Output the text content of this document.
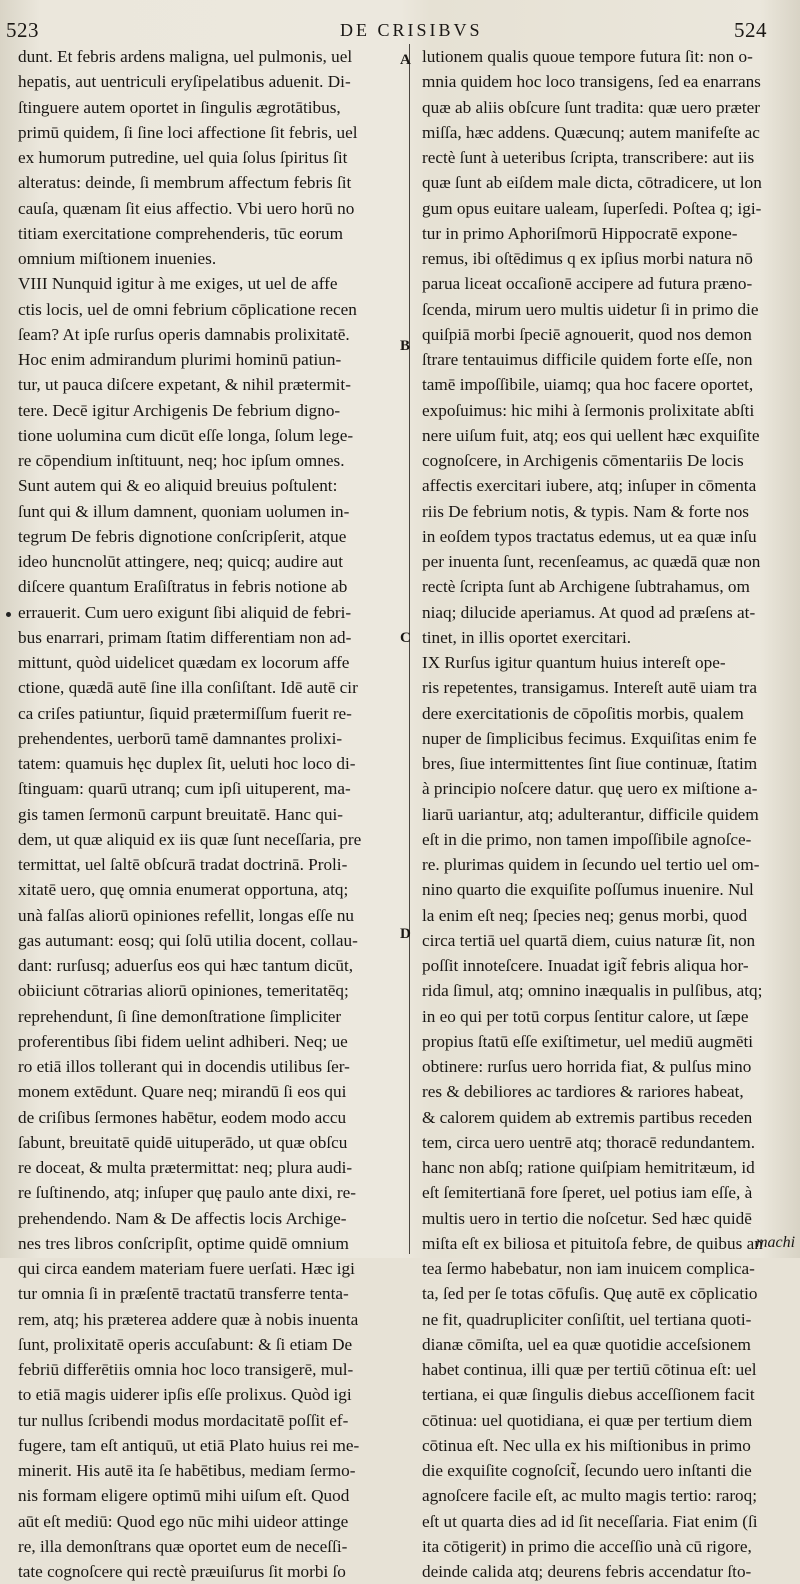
523	DE CRISIBVS	524
dunt. Et febris ardens maligna, uel pulmonis, uel
hepatis, aut uentriculi eryſipelatibus aduenit. Di-
ſtinguere autem oportet in ſingulis ægrotātibus,
primū quidem, ſi ſine loci affectione ſit febris, uel
ex humorum putredine, uel quia ſolus ſpiritus ſit
alteratus: deinde, ſi membrum affectum febris ſit
cauſa, quænam ſit eius affectio. Vbi uero horū no
titiam exercitatione comprehenderis, tūc eorum
omnium miſtionem inuenies.
VIII Nunquid igitur à me exiges, ut uel de affe
ctis locis, uel de omni febrium cōplicatione recen
ſeam? At ipſe rurſus operis damnabis prolixitatē.
Hoc enim admirandum plurimi hominū patiun-
tur, ut pauca diſcere expetant, & nihil prætermit-
tere. Decē igitur Archigenis De febrium digno-
tione uolumina cum dicūt eſſe longa, ſolum lege-
re cōpendium inſtituunt, neq; hoc ipſum omnes.
Sunt autem qui & eo aliquid breuius poſtulent:
ſunt qui & illum damnent, quoniam uolumen in-
tegrum De febris dignotione conſcripſerit, atque
ideo huncnolūt attingere, neq; quicq; audire aut
diſcere quantum Eraſiſtratus in febris notione ab
errauerit. Cum uero exigunt ſibi aliquid de febri-
bus enarrari, primam ſtatim differentiam non ad-
mittunt, quòd uidelicet quædam ex locorum affe
ctione, quædā autē ſine illa conſiſtant. Idē autē cir
ca criſes patiuntur, ſiquid prætermiſſum fuerit re-
prehendentes, uerborū tamē damnantes prolixi-
tatem: quamuis hęc duplex ſit, ueluti hoc loco di-
ſtinguam: quarū utranq; cum ipſi uituperent, ma-
gis tamen ſermonū carpunt breuitatē. Hanc qui-
dem, ut quæ aliquid ex iis quæ ſunt neceſſaria, pre
termittat, uel ſaltē obſcurā tradat doctrinā. Proli-
xitatē uero, quę omnia enumerat opportuna, atq;
unà falſas aliorū opiniones refellit, longas eſſe nu
gas autumant: eosq; qui ſolū utilia docent, collau-
dant: rurſusq; aduerſus eos qui hæc tantum dicūt,
obiiciunt cōtrarias aliorū opiniones, temeritatēq;
reprehendunt, ſi ſine demonſtratione ſimpliciter
proferentibus ſibi fidem uelint adhiberi. Neq; ue
ro etiā illos tollerant qui in docendis utilibus ſer-
monem extēdunt. Quare neq; mirandū ſi eos qui
de criſibus ſermones habētur, eodem modo accu
ſabunt, breuitatē quidē uituperādo, ut quæ obſcu
re doceat, & multa prætermittat: neq; plura audi-
re ſuſtinendo, atq; inſuper quę paulo ante dixi, re-
prehendendo. Nam & De affectis locis Archige-
nes tres libros conſcripſit, optime quidē omnium
qui circa eandem materiam fuere uerſati. Hæc igi
tur omnia ſi in præſentē tractatū transferre tenta-
rem, atq; his præterea addere quæ à nobis inuenta
ſunt, prolixitatē operis accuſabunt: & ſi etiam De
febriū differētiis omnia hoc loco transigerē, mul-
to etiā magis uiderer ipſis eſſe prolixus. Quòd igi
tur nullus ſcribendi modus mordacitatē poſſit ef-
fugere, tam eſt antiquū, ut etiā Plato huius rei me-
minerit. His autē ita ſe habētibus, mediam ſermo-
nis formam eligere optimū mihi uiſum eſt. Quod
aūt eſt mediū: Quod ego nūc mihi uideor attinge
re, illa demonſtrans quæ oportet eum de neceſſi-
tate cognoſcere qui rectè præuiſurus ſit morbi ſo
lutionem qualis quoue tempore futura ſit: non o-
mnia quidem hoc loco transigens, ſed ea enarrans
quæ ab aliis obſcure ſunt tradita: quæ uero præter
miſſa, hæc addens. Quæcunq; autem manifeſte ac
rectè ſunt à ueteribus ſcripta, transcribere: aut iis
quæ ſunt ab eiſdem male dicta, cōtradicere, ut lon
gum opus euitare ualeam, ſuperſedi. Poſtea q; igi-
tur in primo Aphoriſmorū Hippocratē expone-
remus, ibi oſtēdimus q ex ipſius morbi natura nō
parua liceat occaſionē accipere ad futura præno-
ſcenda, mirum uero multis uidetur ſi in primo die
quiſpiā morbi ſpeciē agnouerit, quod nos demon
ſtrare tentauimus difficile quidem forte eſſe, non
tamē impoſſibile, uiamq; qua hoc facere oportet,
expoſuimus: hic mihi à ſermonis prolixitate abſti
nere uiſum fuit, atq; eos qui uellent hæc exquiſite
cognoſcere, in Archigenis cōmentariis De locis
affectis exercitari iubere, atq; inſuper in cōmenta
riis De febrium notis, & typis. Nam & forte nos
in eoſdem typos tractatus edemus, ut ea quæ inſu
per inuenta ſunt, recenſeamus, ac quædā quæ non
rectè ſcripta ſunt ab Archigene ſubtrahamus, om
niaq; dilucide aperiamus. At quod ad præſens at-
tinet, in illis oportet exercitari.
IX Rurſus igitur quantum huius intereſt ope-
ris repetentes, transigamus. Intereſt autē uiam tra
dere exercitationis de cōpoſitis morbis, qualem
nuper de ſimplicibus fecimus. Exquiſitas enim fe
bres, ſiue intermittentes ſint ſiue continuæ, ſtatim
à principio noſcere datur. quę uero ex miſtione a-
liarū uariantur, atq; adulterantur, difficile quidem
eſt in die primo, non tamen impoſſibile agnoſce-
re. plurimas quidem in ſecundo uel tertio uel om-
nino quarto die exquiſite poſſumus inuenire. Nul
la enim eſt neq; ſpecies neq; genus morbi, quod
circa tertiā uel quartā diem, cuius naturæ ſit, non
poſſit innoteſcere. Inuadat igit̃ febris aliqua hor-
rida ſimul, atq; omnino inæqualis in pulſibus, atq;
in eo qui per totū corpus ſentitur calore, ut ſæpe
propius ſtatū eſſe exiſtimetur, uel mediū augmēti
obtinere: rurſus uero horrida fiat, & pulſus mino
res & debiliores ac tardiores & rariores habeat,
& calorem quidem ab extremis partibus receden
tem, circa uero uentrē atq; thoracē redundantem.
hanc non abſq; ratione quiſpiam hemitritæum, id
eſt ſemitertianā fore ſperet, uel potius iam eſſe, à
multis uero in tertio die noſcetur. Sed hæc quidē
miſta eſt ex biliosa et pituitoſa febre, de quibus an
tea ſermo habebatur, non iam inuicem complica-
ta, ſed per ſe totas cōfuſis. Quę autē ex cōplicatio
ne fit, quadrupliciter conſiſtit, uel tertiana quoti-
dianæ cōmiſta, uel ea quæ quotidie acceſsionem
habet continua, illi quæ per tertiū cōtinua eſt: uel
tertiana, ei quæ ſingulis diebus acceſſionem facit
cōtinua: uel quotidiana, ei quæ per tertium diem
cōtinua eſt. Nec ulla ex his miſtionibus in primo
die exquiſite cognoſcit̃, ſecundo uero inſtanti die
agnoſcere facile eſt, ac multo magis tertio: raroq;
eſt ut quarta dies ad id ſit neceſſaria. Fiat enim (ſi
ita cōtigerit) in primo die acceſſio unà cū rigore,
deinde calida atq; deurens febris accendatur ſto-
A
B
C
D
machi
